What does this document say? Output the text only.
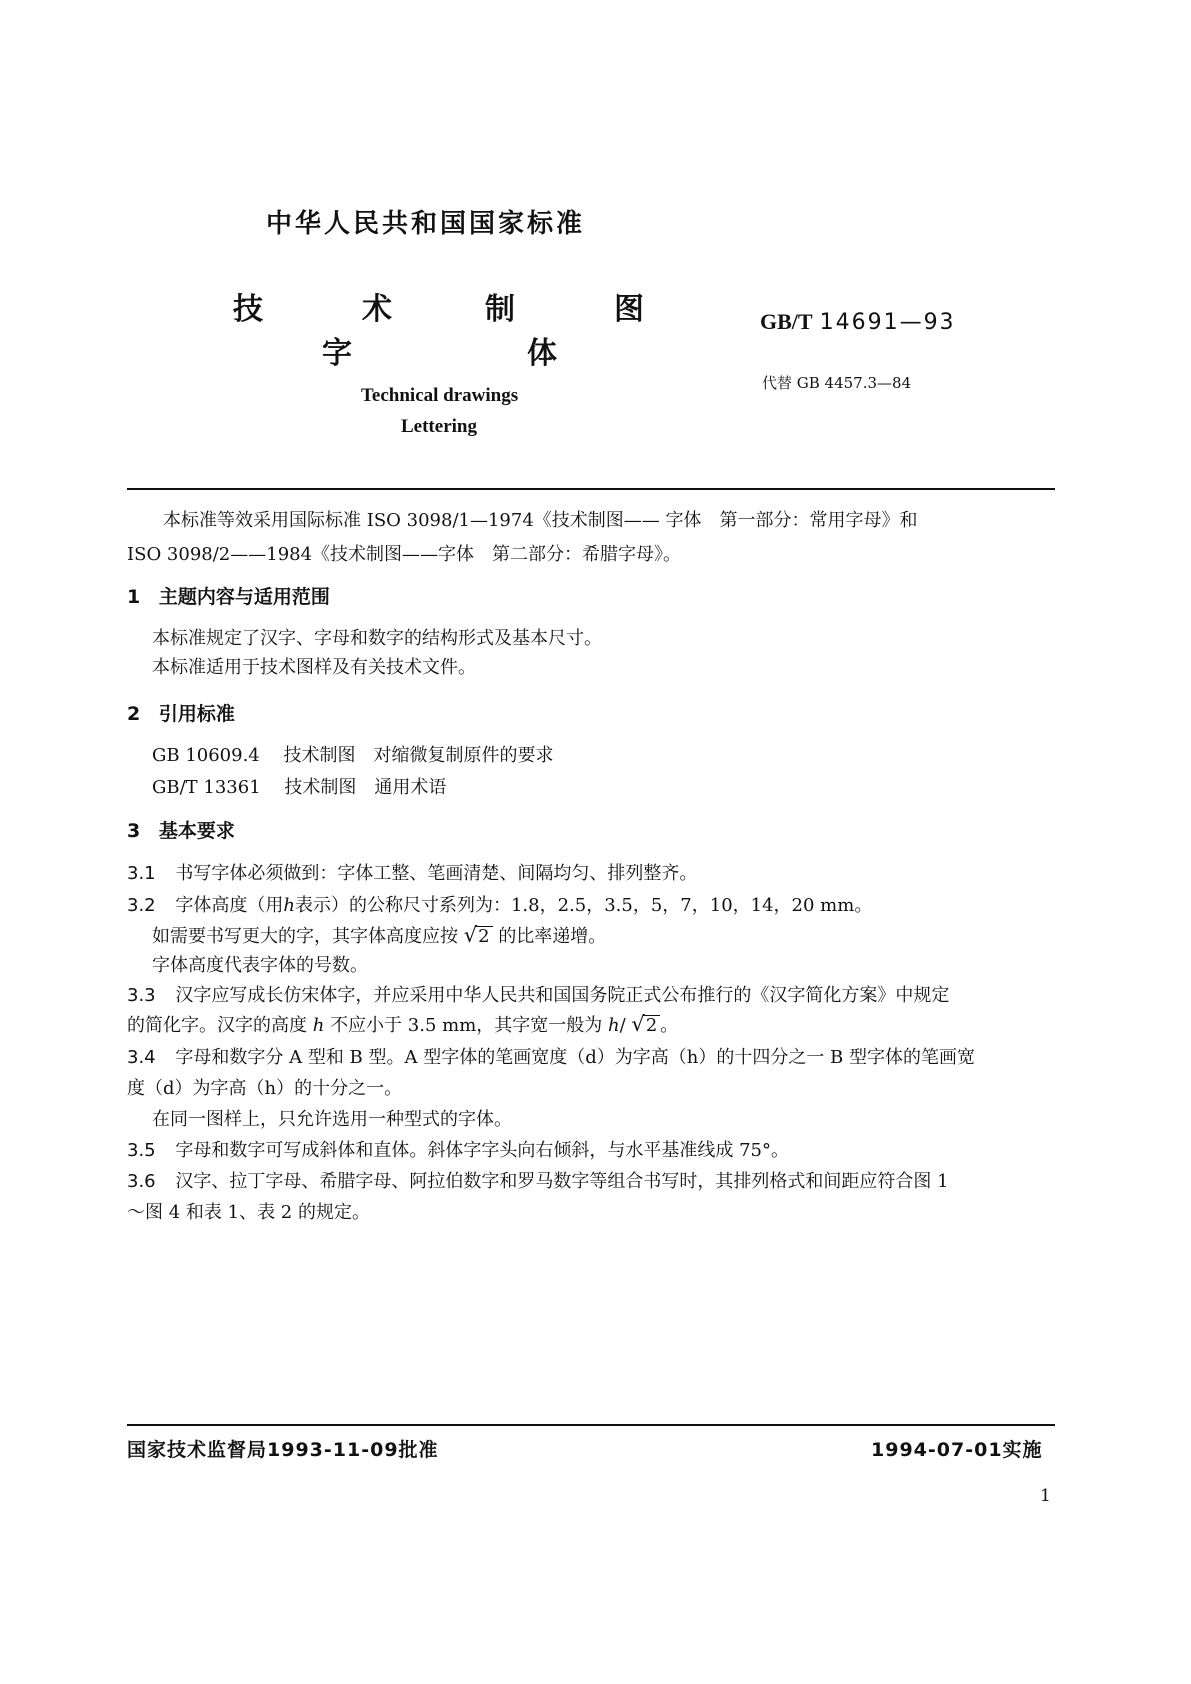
中华人民共和国国家标准
技	术	制	图
字	体
Technical drawings
Lettering
GB/T 14691—93
代替 GB 4457.3—84
本标准等效采用国际标准 ISO 3098/1—1974《技术制图—— 字体　第一部分：常用字母》和
ISO 3098/2——1984《技术制图——字体　第二部分：希腊字母》。
1 主题内容与适用范围
本标准规定了汉字、字母和数字的结构形式及基本尺寸。
本标准适用于技术图样及有关技术文件。
2 引用标准
GB 10609.4 技术制图　对缩微复制原件的要求
GB/T 13361 技术制图　通用术语
3 基本要求
3.1 书写字体必须做到：字体工整、笔画清楚、间隔均匀、排列整齐。
3.2 字体高度（用h表示）的公称尺寸系列为：1.8，2.5，3.5，5，7，10，14，20 mm。
如需要书写更大的字，其字体高度应按 √2 的比率递增。
字体高度代表字体的号数。
3.3 汉字应写成长仿宋体字，并应采用中华人民共和国国务院正式公布推行的《汉字简化方案》中规定
的简化字。汉字的高度 h 不应小于 3.5 mm，其字宽一般为 h/ √2 。
3.4 字母和数字分 A 型和 B 型。A 型字体的笔画宽度（d）为字高（h）的十四分之一 B 型字体的笔画宽
度（d）为字高（h）的十分之一。
在同一图样上，只允许选用一种型式的字体。
3.5 字母和数字可写成斜体和直体。斜体字字头向右倾斜，与水平基准线成 75°。
3.6 汉字、拉丁字母、希腊字母、阿拉伯数字和罗马数字等组合书写时，其排列格式和间距应符合图 1
～图 4 和表 1、表 2 的规定。
国家技术监督局1993-11-09批准	1994-07-01实施
1
